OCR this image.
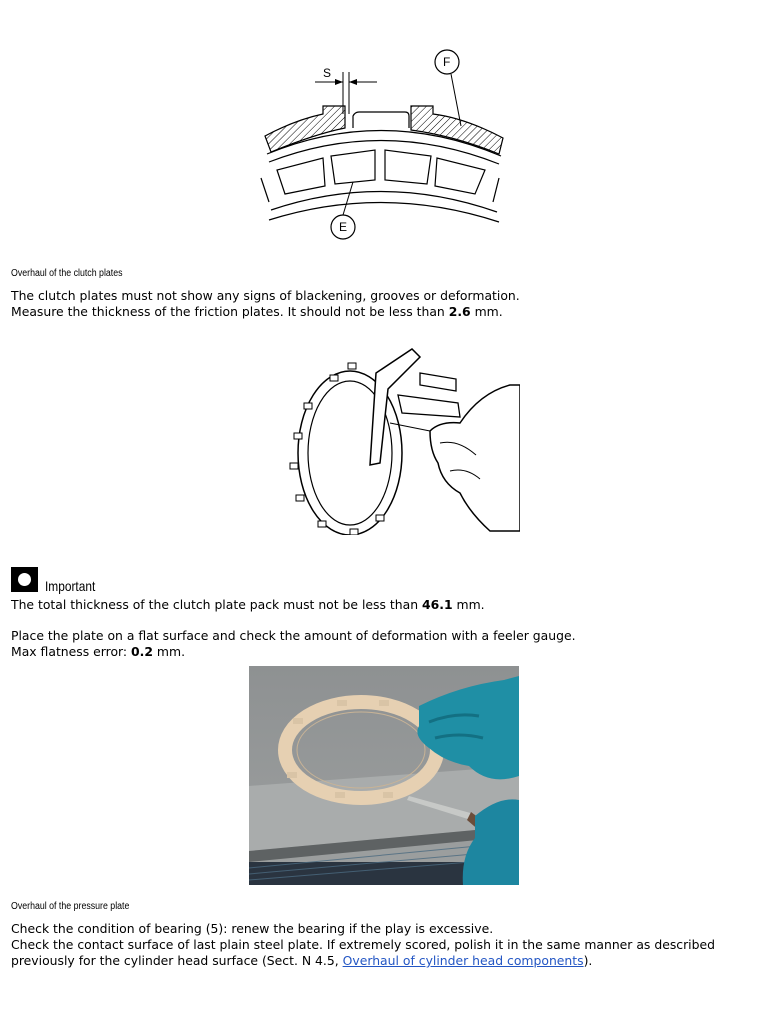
S
F
E
Overhaul of the clutch plates
The clutch plates must not show any signs of blackening, grooves or deformation.
Measure the thickness of the friction plates. It should not be less than 2.6 mm.
Important
The total thickness of the clutch plate pack must not be less than 46.1 mm.
Place the plate on a flat surface and check the amount of deformation with a feeler gauge.
Max flatness error: 0.2 mm.
Overhaul of the pressure plate
Check the condition of bearing (5): renew the bearing if the play is excessive.
Check the contact surface of last plain steel plate. If extremely scored, polish it in the same manner as described
previously for the cylinder head surface (Sect. N 4.5, Overhaul of cylinder head components).
